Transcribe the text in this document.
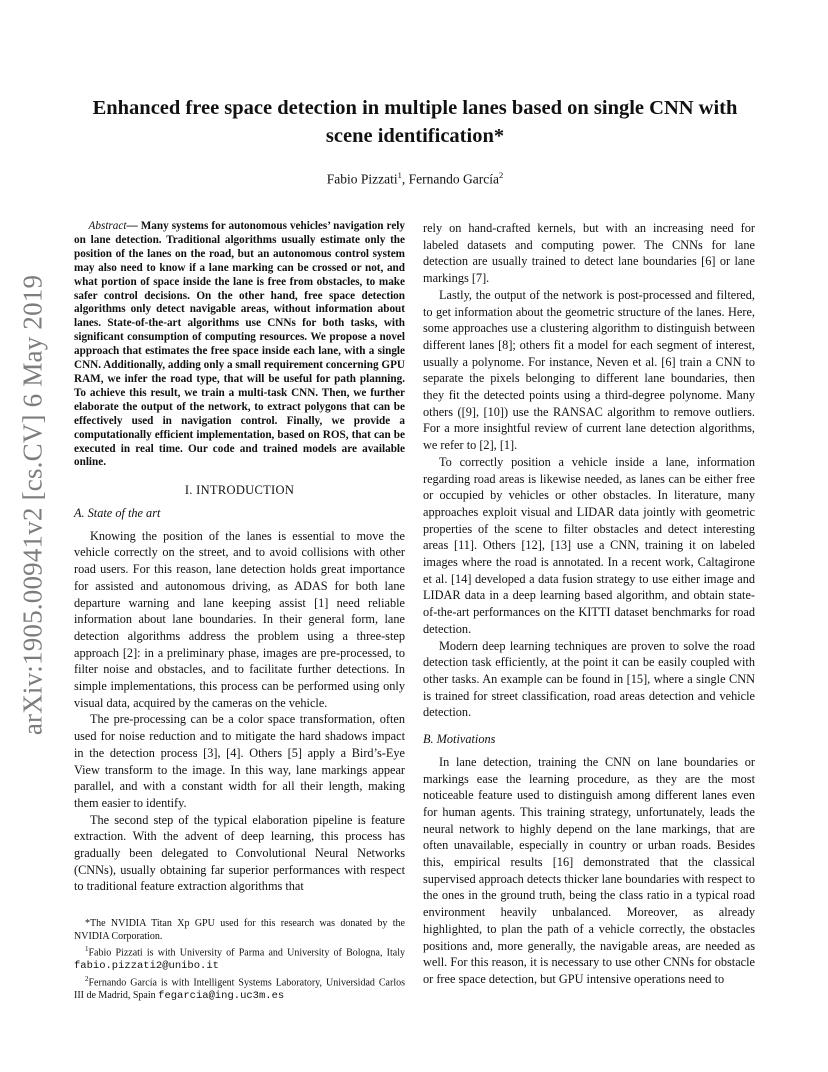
arXiv:1905.00941v2 [cs.CV] 6 May 2019
Enhanced free space detection in multiple lanes based on single CNN with scene identification*
Fabio Pizzati$^1$, Fernando García$^2$

Abstract— Many systems for autonomous vehicles’ navigation rely on lane detection. Traditional algorithms usually estimate only the position of the lanes on the road, but an autonomous control system may also need to know if a lane marking can be crossed or not, and what portion of space inside the lane is free from obstacles, to make safer control decisions. On the other hand, free space detection algorithms only detect navigable areas, without information about lanes. State-of-the-art algorithms use CNNs for both tasks, with significant consumption of computing resources. We propose a novel approach that estimates the free space inside each lane, with a single CNN. Additionally, adding only a small requirement concerning GPU RAM, we infer the road type, that will be useful for path planning. To achieve this result, we train a multi-task CNN. Then, we further elaborate the output of the network, to extract polygons that can be effectively used in navigation control. Finally, we provide a computationally efficient implementation, based on ROS, that can be executed in real time. Our code and trained models are available online.

I. INTRODUCTION
A. State of the art

Knowing the position of the lanes is essential to move the vehicle correctly on the street, and to avoid collisions with other road users. For this reason, lane detection holds great importance for assisted and autonomous driving, as ADAS for both lane departure warning and lane keeping assist [1] need reliable information about lane boundaries. In their general form, lane detection algorithms address the problem using a three-step approach [2]: in a preliminary phase, images are pre-processed, to filter noise and obstacles, and to facilitate further detections. In simple implementations, this process can be performed using only visual data, acquired by the cameras on the vehicle.

The pre-processing can be a color space transformation, often used for noise reduction and to mitigate the hard shadows impact in the detection process [3], [4]. Others [5] apply a Bird’s-Eye View transform to the image. In this way, lane markings appear parallel, and with a constant width for all their length, making them easier to identify.

The second step of the typical elaboration pipeline is feature extraction. With the advent of deep learning, this process has gradually been delegated to Convolutional Neural Networks (CNNs), usually obtaining far superior performances with respect to traditional feature extraction algorithms that

*The NVIDIA Titan Xp GPU used for this research was donated by the NVIDIA Corporation.

$^1$Fabio Pizzati is with University of Parma and University of Bologna, Italy fabio.pizzati2@unibo.it

$^2$Fernando García is with Intelligent Systems Laboratory, Universidad Carlos III de Madrid, Spain fegarcia@ing.uc3m.es

rely on hand-crafted kernels, but with an increasing need for labeled datasets and computing power. The CNNs for lane detection are usually trained to detect lane boundaries [6] or lane markings [7].

Lastly, the output of the network is post-processed and filtered, to get information about the geometric structure of the lanes. Here, some approaches use a clustering algorithm to distinguish between different lanes [8]; others fit a model for each segment of interest, usually a polynome. For instance, Neven et al. [6] train a CNN to separate the pixels belonging to different lane boundaries, then they fit the detected points using a third-degree polynome. Many others ([9], [10]) use the RANSAC algorithm to remove outliers. For a more insightful review of current lane detection algorithms, we refer to [2], [1].

To correctly position a vehicle inside a lane, information regarding road areas is likewise needed, as lanes can be either free or occupied by vehicles or other obstacles. In literature, many approaches exploit visual and LIDAR data jointly with geometric properties of the scene to filter obstacles and detect interesting areas [11]. Others [12], [13] use a CNN, training it on labeled images where the road is annotated. In a recent work, Caltagirone et al. [14] developed a data fusion strategy to use either image and LIDAR data in a deep learning based algorithm, and obtain state-of-the-art performances on the KITTI dataset benchmarks for road detection.

Modern deep learning techniques are proven to solve the road detection task efficiently, at the point it can be easily coupled with other tasks. An example can be found in [15], where a single CNN is trained for street classification, road areas detection and vehicle detection.

B. Motivations

In lane detection, training the CNN on lane boundaries or markings ease the learning procedure, as they are the most noticeable feature used to distinguish among different lanes even for human agents. This training strategy, unfortunately, leads the neural network to highly depend on the lane markings, that are often unavailable, especially in country or urban roads. Besides this, empirical results [16] demonstrated that the classical supervised approach detects thicker lane boundaries with respect to the ones in the ground truth, being the class ratio in a typical road environment heavily unbalanced. Moreover, as already highlighted, to plan the path of a vehicle correctly, the obstacles positions and, more generally, the navigable areas, are needed as well. For this reason, it is necessary to use other CNNs for obstacle or free space detection, but GPU intensive operations need to
